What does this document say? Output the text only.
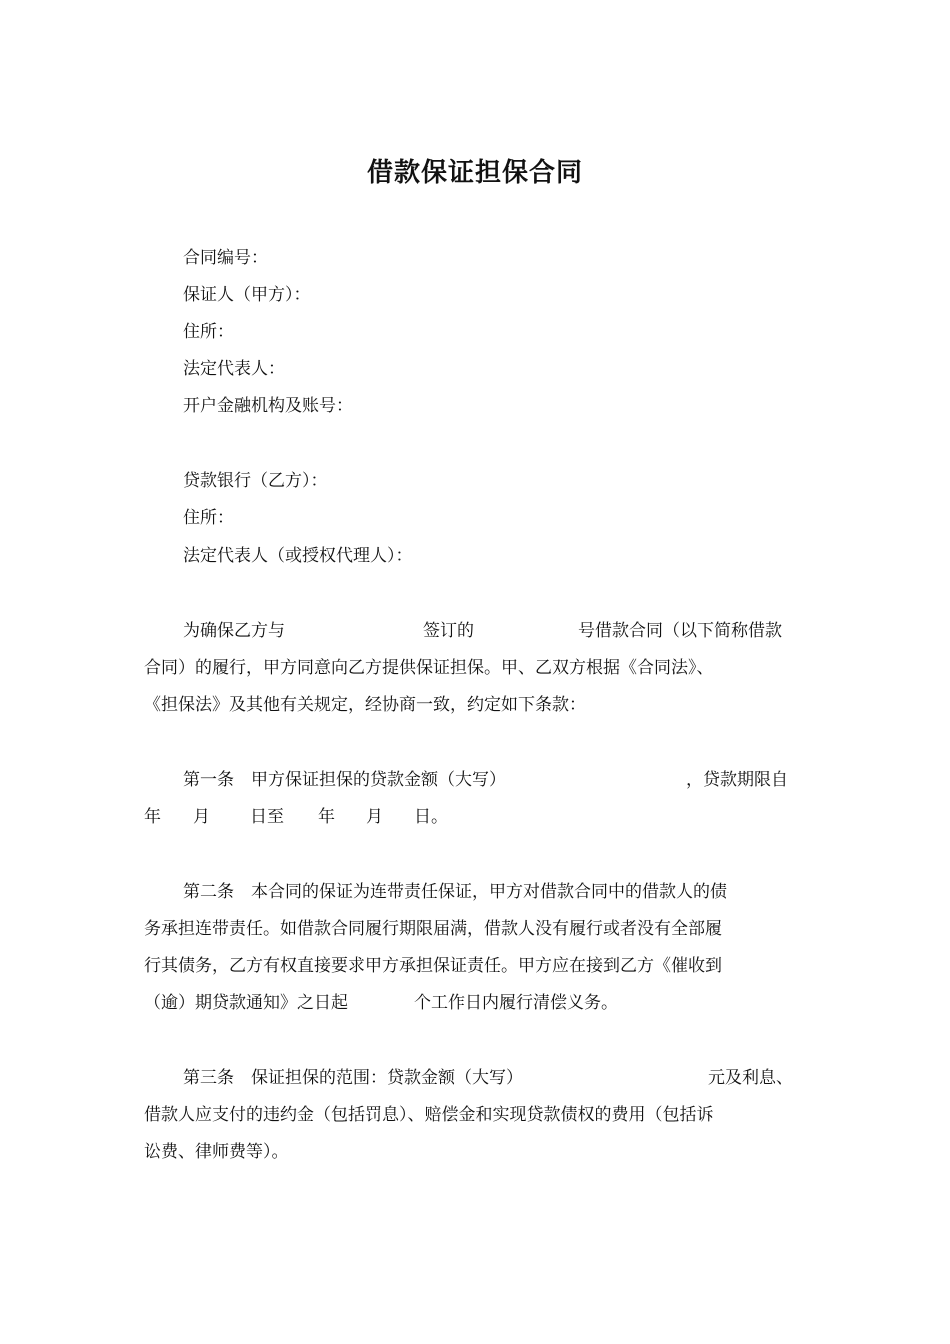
借款保证担保合同
合同编号：
保证人（甲方）：
住所：
法定代表人：
开户金融机构及账号：
贷款银行（乙方）：
住所：
法定代表人（或授权代理人）：
为确保乙方与	签订的	号借款合同（以下简称借款
合同）的履行，甲方同意向乙方提供保证担保。甲、乙双方根据《合同法》、
《担保法》及其他有关规定，经协商一致，约定如下条款：
第一条　甲方保证担保的贷款金额（大写）	，贷款期限自
年 月 日至 年 月 日。
第二条　本合同的保证为连带责任保证，甲方对借款合同中的借款人的债
务承担连带责任。如借款合同履行期限届满，借款人没有履行或者没有全部履
行其债务，乙方有权直接要求甲方承担保证责任。甲方应在接到乙方《催收到
（逾）期贷款通知》之日起	个工作日内履行清偿义务。
第三条　保证担保的范围：贷款金额（大写）	元及利息、
借款人应支付的违约金（包括罚息）、赔偿金和实现贷款债权的费用（包括诉
讼费、律师费等）。
